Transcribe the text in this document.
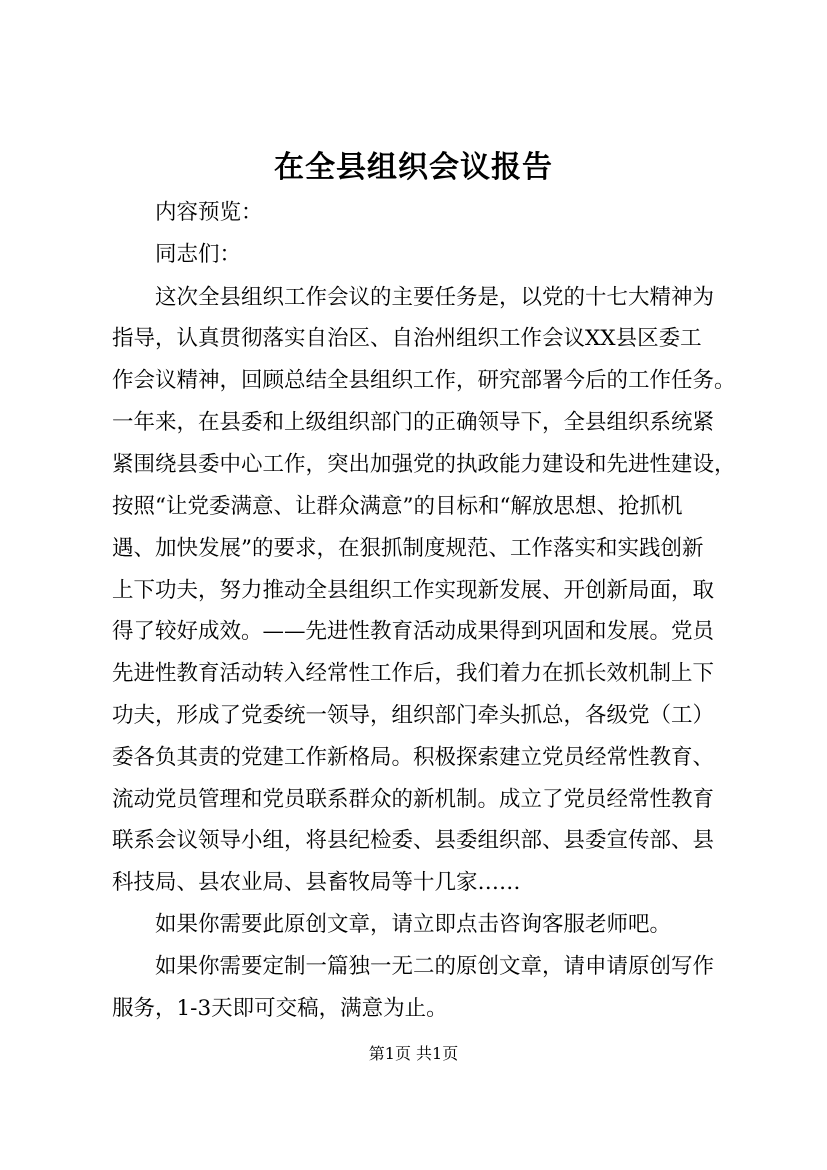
在全县组织会议报告
内容预览：
同志们：
这次全县组织工作会议的主要任务是，以党的十七大精神为
指导，认真贯彻落实自治区、自治州组织工作会议XX县区委工
作会议精神，回顾总结全县组织工作，研究部署今后的工作任务。
一年来，在县委和上级组织部门的正确领导下，全县组织系统紧
紧围绕县委中心工作，突出加强党的执政能力建设和先进性建设，
按照“让党委满意、让群众满意”的目标和“解放思想、抢抓机
遇、加快发展”的要求，在狠抓制度规范、工作落实和实践创新
上下功夫，努力推动全县组织工作实现新发展、开创新局面，取
得了较好成效。——先进性教育活动成果得到巩固和发展。党员
先进性教育活动转入经常性工作后，我们着力在抓长效机制上下
功夫，形成了党委统一领导，组织部门牵头抓总，各级党（工）
委各负其责的党建工作新格局。积极探索建立党员经常性教育、
流动党员管理和党员联系群众的新机制。成立了党员经常性教育
联系会议领导小组，将县纪检委、县委组织部、县委宣传部、县
科技局、县农业局、县畜牧局等十几家……
如果你需要此原创文章，请立即点击咨询客服老师吧。
如果你需要定制一篇独一无二的原创文章，请申请原创写作
服务，1-3天即可交稿，满意为止。
第1页 共1页
